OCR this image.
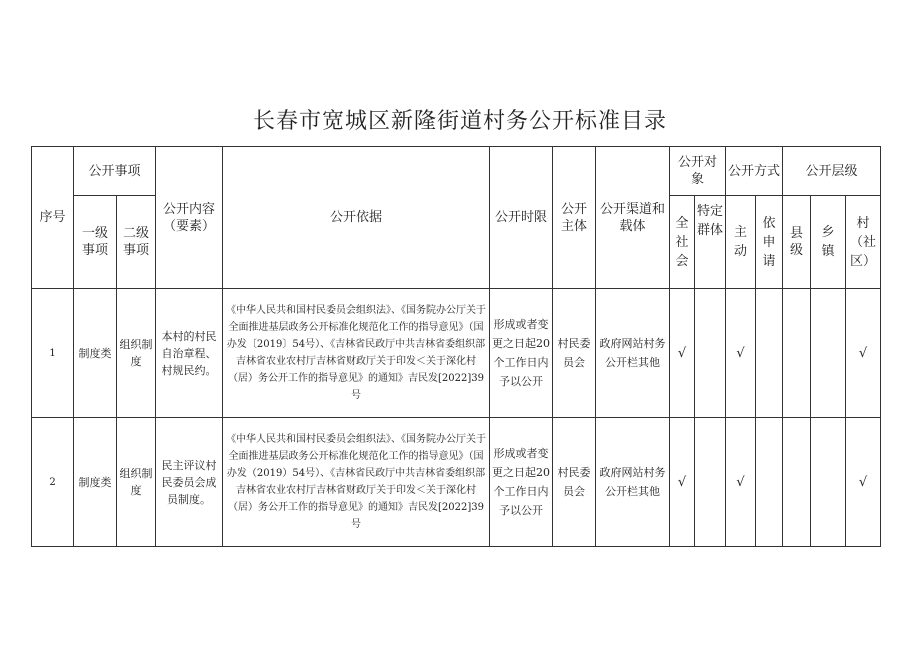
长春市宽城区新隆街道村务公开标准目录
序号	公开事项		公开内容（要素）	公开依据	公开时限	公开主体	公开渠道和载体	公开对象		公开方式		公开层级		
	一级事项	二级事项						全社会	特定群体	主动	依申请	县级	乡镇	村（社区）
1	制度类	组织制度	本村的村民自治章程、村规民约。	《中华人民共和国村民委员会组织法》、《国务院办公厅关于全面推进基层政务公开标准化规范化工作的指导意见》（国办发〔2019〕54号）、《吉林省民政厅中共吉林省委组织部吉林省农业农村厅吉林省财政厅关于印发＜关于深化村（居）务公开工作的指导意见》的通知》吉民发[2022]39号	形成或者变更之日起20个工作日内予以公开	村民委员会	政府网站村务公开栏其他	√		√				√
2	制度类	组织制度	民主评议村民委员会成员制度。	《中华人民共和国村民委员会组织法》、《国务院办公厅关于全面推进基层政务公开标准化规范化工作的指导意见》（国办发（2019）54号）、《吉林省民政厅中共吉林省委组织部吉林省农业农村厅吉林省财政厅关于印发＜关于深化村（居）务公开工作的指导意见》的通知》吉民发[2022]39号	形成或者变更之日起20个工作日内予以公开	村民委员会	政府网站村务公开栏其他	√		√				√
